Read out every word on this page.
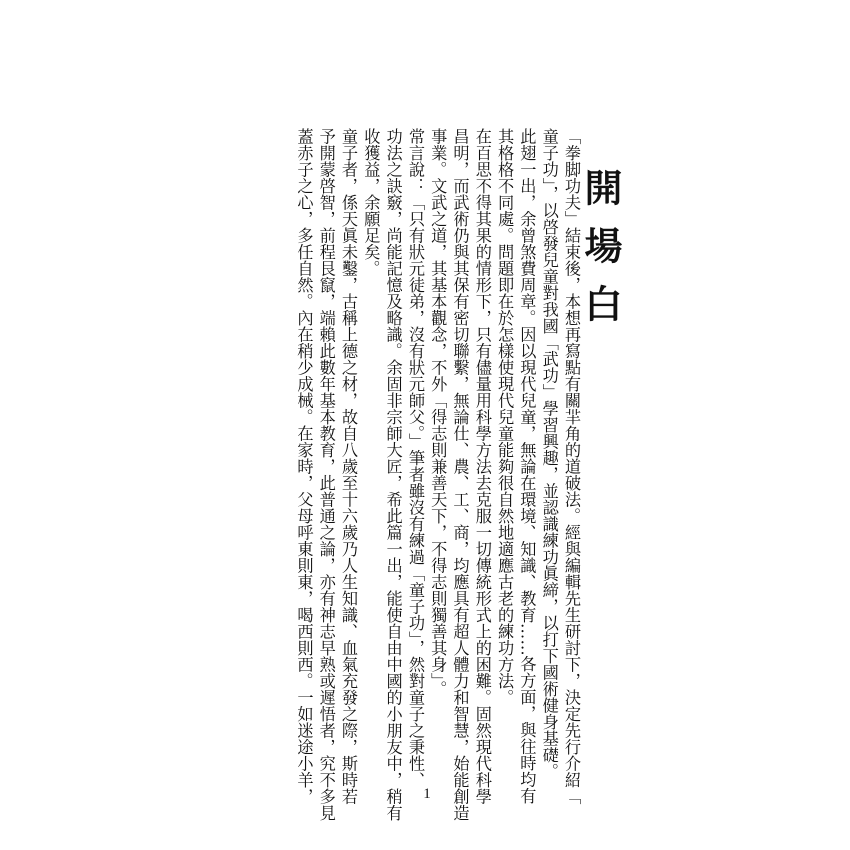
開場白
「拳脚功夫」結束後，本想再寫點有關羋角的道破法。經與編輯先生研討下，決定先行介紹「
童子功」，以啓發兒童對我國「武功」學習興趣，並認識練功眞締，以打下國術健身基礎。
此翅一出，余曾煞費周章。因以現代兒童，無論在環境、知識、教育……各方面，與往時均有
其格格不同處。問題即在於怎樣使現代兒童能夠很自然地適應古老的練功方法。
在百思不得其果的情形下，只有儘量用科學方法去克服一切傳統形式上的困難。固然現代科學
昌明，而武術仍與其保有密切聯繫，無論仕、農、工、商，均應具有超人體力和智慧，始能創造
事業。文武之道，其基本觀念，不外「得志則兼善天下，不得志則獨善其身」。
常言說：「只有狀元徒弟，沒有狀元師父。」筆者雖沒有練過「童子功」，然對童子之秉性、
功法之訣竅，尚能記憶及略識。余固非宗師大匠，希此篇一出，能使自由中國的小朋友中，稍有
收獲益，余願足矣。
童子者，係天眞未鑿，古稱上德之材，故自八歲至十六歲乃人生知識、血氣充發之際，斯時若
予開蒙啓智，前程艮竄，端賴此數年基本教育，此普通之論，亦有神志早熟或遲悟者，究不多見
蓋赤子之心，多任自然。內在稍少成械。在家時，父母呼東則東，喝西則西。一如迷途小羊，	1
